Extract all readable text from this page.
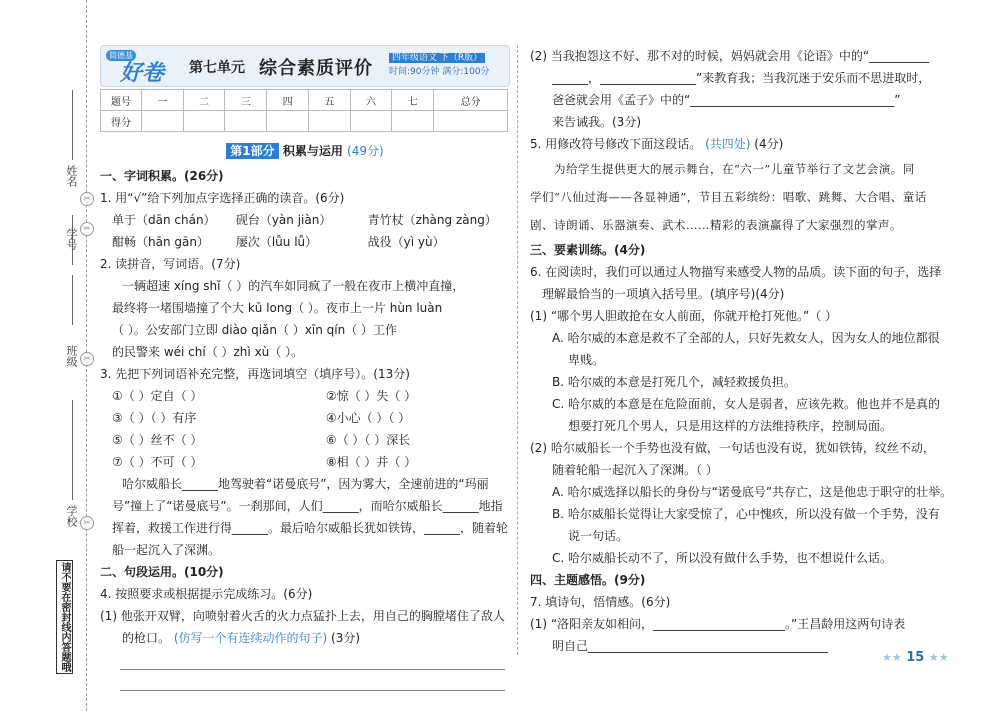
姓名
✂
学号 ✂
班级 ✂
学校 ✂
请不要在密封线内答题哦
简德基
好卷 第七单元 综合素质评价	四年级语文 下（R版）
时间:90分钟 满分:100分
题号	一	二	三	四	五	六	七	总分
得分								
第1部分 积累与运用 (49分)
一、字词积累。(26分)
1. 用“√”给下列加点字选择正确的读音。(6分)
单于（dān chán） 砚台（yàn jiàn）	青竹杖（zhàng zàng）
酣畅（hān gān） 屡次（lǚu lǚ）	战役（yì yù）
2. 读拼音，写词语。(7分)
一辆超速 xíng shǐ（ ）的汽车如同疯了一般在夜市上横冲直撞，
最终将一堵围墙撞了个大 kū long（ ）。夜市上一片 hùn luàn
（ ）。公安部门立即 diào qiǎn（ ）xīn qín（ ）工作
的民警来 wéi chí（ ）zhì xù（ ）。
3. 先把下列词语补充完整，再选词填空（填序号）。(13分)
①（ ）定自（ ）	②惊（ ）失（ ）
③（ ）（ ）有序	④小心（ ）（ ）
⑤（ ）丝不（ ）	⑥（ ）（ ）深长
⑦（ ）不可（ ）	⑧相（ ）并（ ）
哈尔威船长______地驾驶着“诺曼底号”，因为雾大，全速前进的“玛丽
号”撞上了“诺曼底号”。一刹那间，人们______，而哈尔威船长______地指
挥着，救援工作进行得______。最后哈尔威船长犹如铁铸，______，随着轮
船一起沉入了深渊。
二、句段运用。(10分)
4. 按照要求或根据提示完成练习。(6分)
(1) 他张开双臂，向喷射着火舌的火力点猛扑上去，用自己的胸膛堵住了敌人
的枪口。 (仿写一个有连续动作的句子) (3分)
(2) 当我抱怨这不好、那不对的时候，妈妈就会用《论语》中的“__________
______，________________”来教育我；当我沉迷于安乐而不思进取时，
爸爸就会用《孟子》中的“__________________________________”
来告诫我。(3分)
5. 用修改符号修改下面这段话。 (共四处) (4分)
为给学生提供更大的展示舞台，在“六一”儿童节举行了文艺会演。同
学们“八仙过海——各显神通”，节目五彩缤纷：唱歌、跳舞、大合唱、童话
剧、诗朗诵、乐器演奏、武术……精彩的表演赢得了大家强烈的掌声。
三、要素训练。(4分)
6. 在阅读时，我们可以通过人物描写来感受人物的品质。读下面的句子，选择
理解最恰当的一项填入括号里。(填序号)(4分)
(1) “哪个男人胆敢抢在女人前面，你就开枪打死他。”（ ）
A. 哈尔威的本意是救不了全部的人，只好先救女人，因为女人的地位都很
卑贱。
B. 哈尔威的本意是打死几个，减轻救援负担。
C. 哈尔威的本意是在危险面前，女人是弱者，应该先救。他也并不是真的
想要打死几个男人，只是用这样的方法维持秩序，控制局面。
(2) 哈尔威船长一个手势也没有做，一句话也没有说，犹如铁铸，纹丝不动，
随着轮船一起沉入了深渊。（ ）
A. 哈尔威选择以船长的身份与“诺曼底号”共存亡，这是他忠于职守的壮举。
B. 哈尔威船长觉得让大家受惊了，心中愧疚，所以没有做一个手势，没有
说一句话。
C. 哈尔威船长动不了，所以没有做什么手势，也不想说什么话。
四、主题感悟。(9分)
7. 填诗句，悟情感。(6分)
(1) “洛阳亲友如相问，______________________。”王昌龄用这两句诗表
明自己________________________________________
★★ 15 ★★
